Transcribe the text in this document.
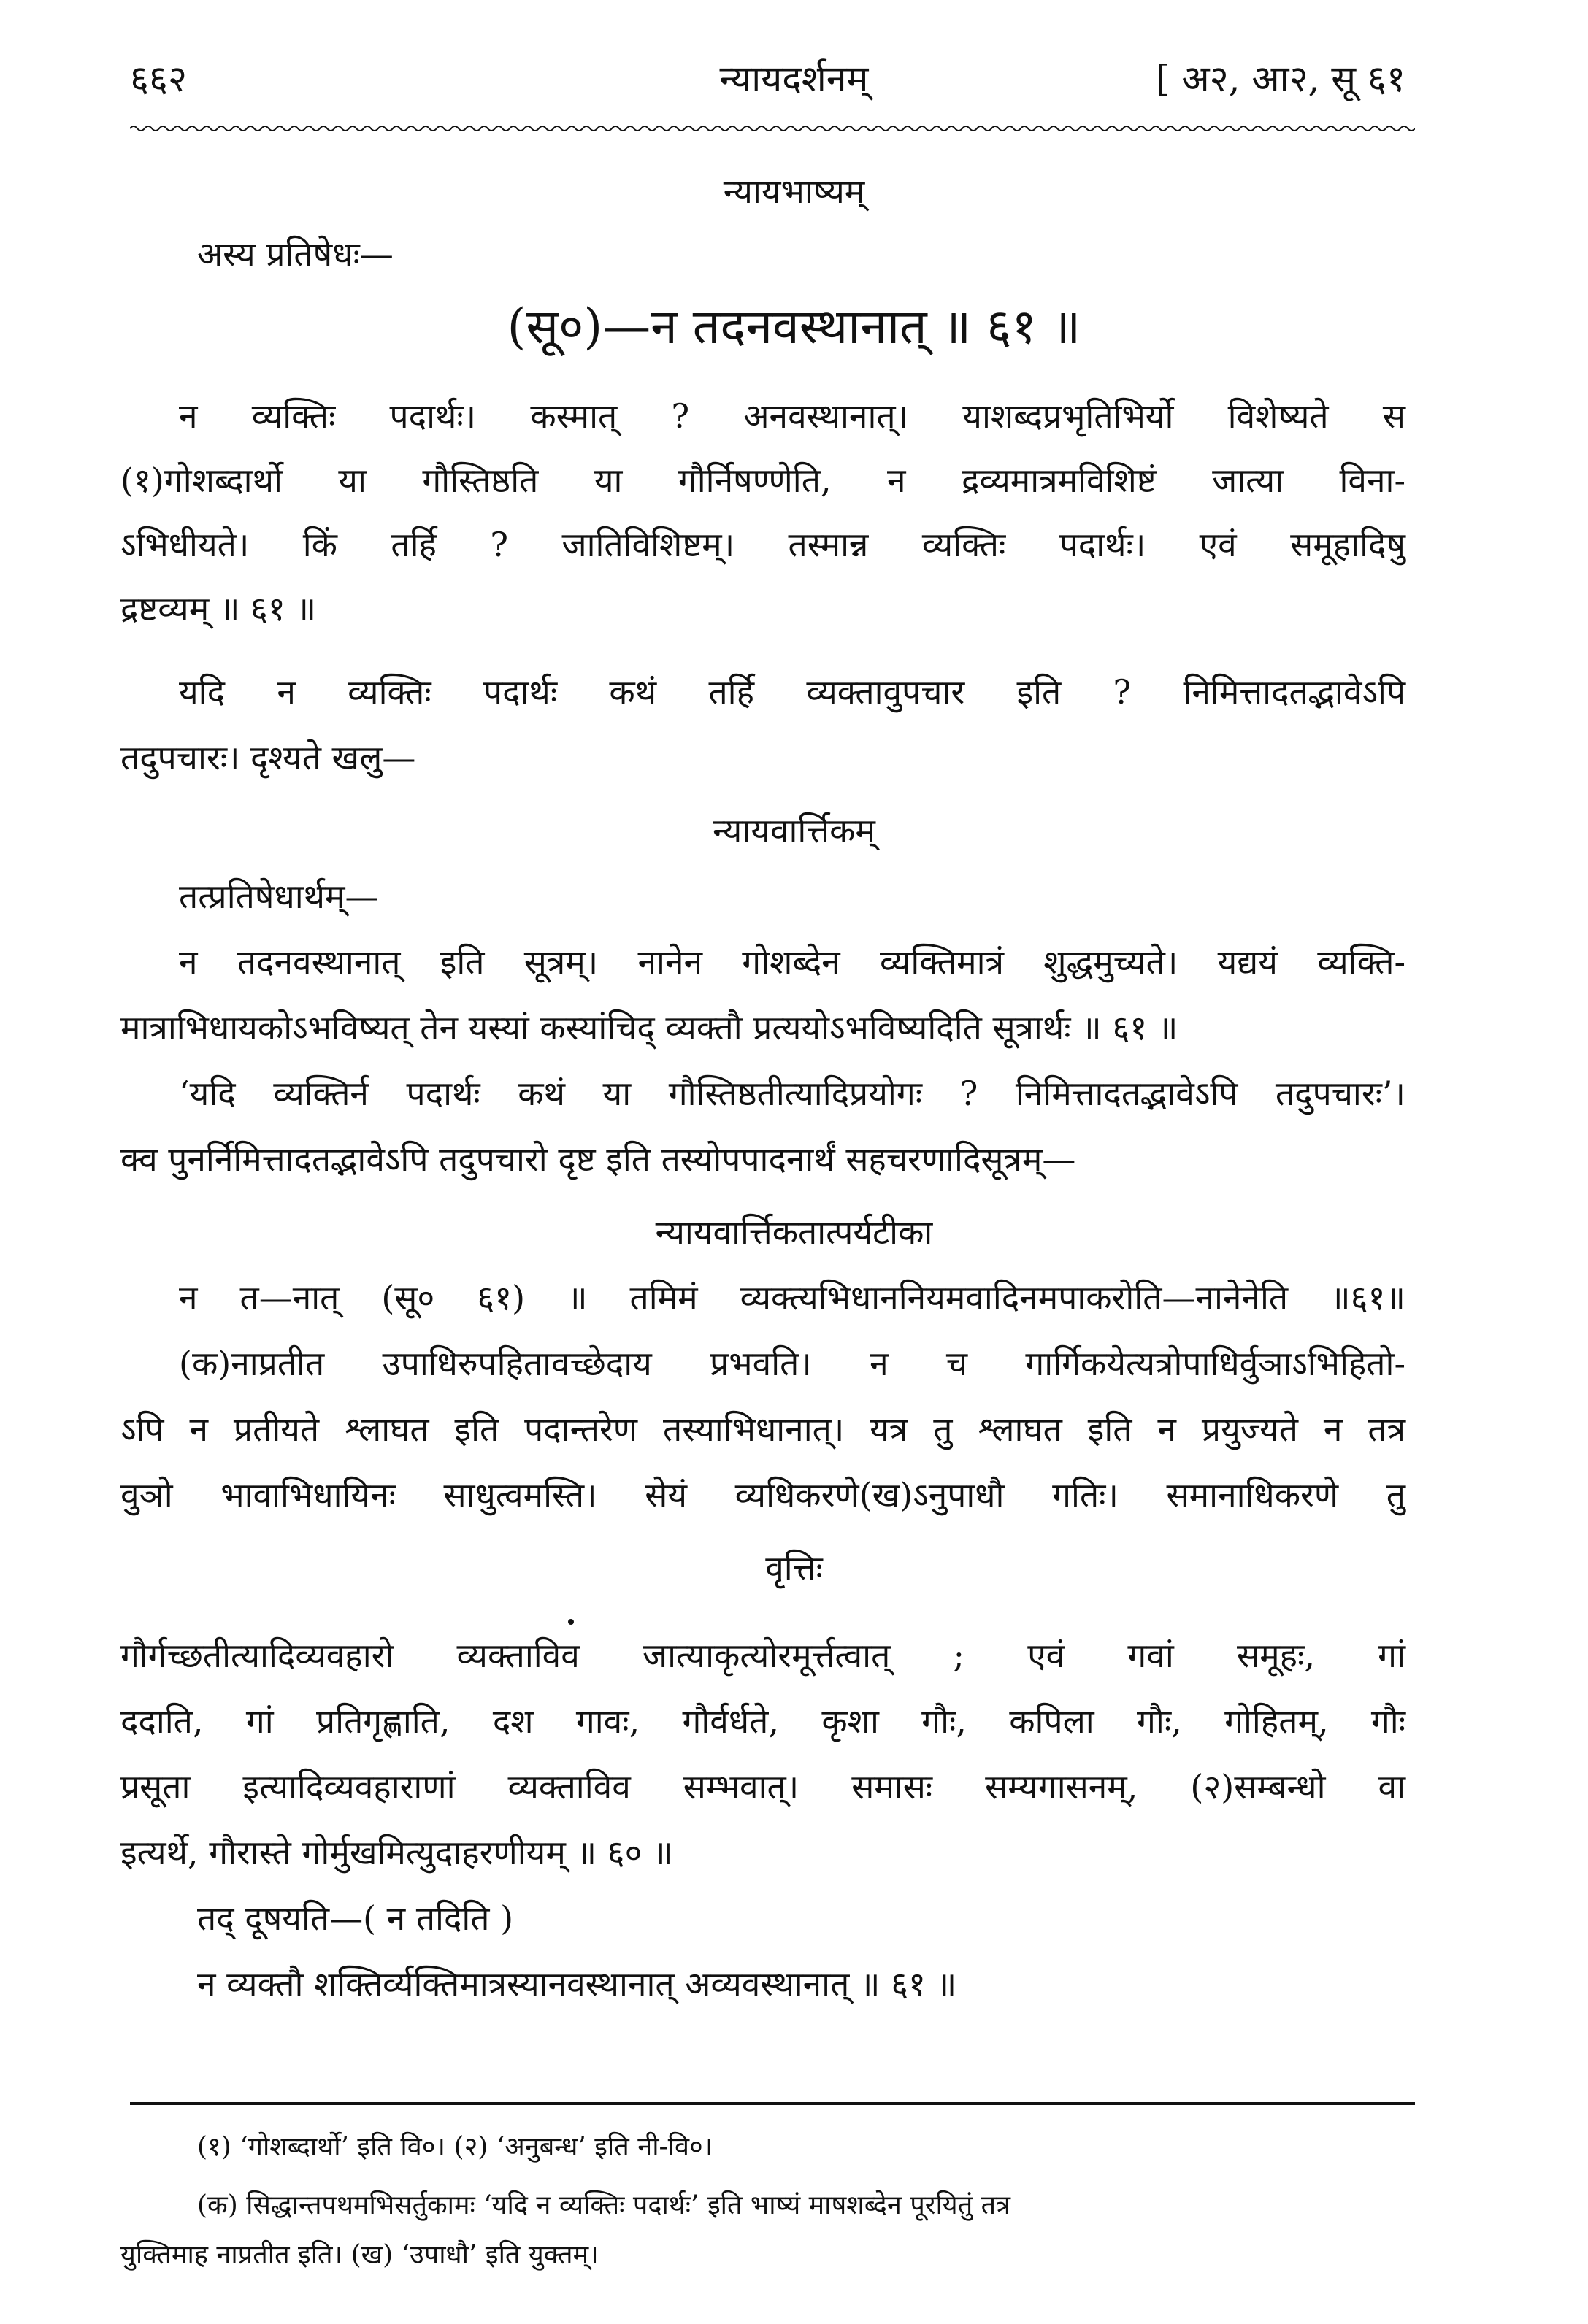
६६२	न्यायदर्शनम्	[ अ२, आ२, सू ६१
न्यायभाष्यम्
अस्य प्रतिषेधः—
(सू०)—न तदनवस्थानात् ॥ ६१ ॥
न व्यक्तिः पदार्थः। कस्मात् ? अनवस्थानात्। याशब्दप्रभृतिभिर्यो विशेष्यते स
(१)गोशब्दार्थो या गौस्तिष्ठति या गौर्निषण्णेति, न द्रव्यमात्रमविशिष्टं जात्या विना-
ऽभिधीयते। किं तर्हि ? जातिविशिष्टम्। तस्मान्न व्यक्तिः पदार्थः। एवं समूहादिषु
द्रष्टव्यम् ॥ ६१ ॥
यदि न व्यक्तिः पदार्थः कथं तर्हि व्यक्तावुपचार इति ? निमित्तादतद्भावेऽपि
तदुपचारः। दृश्यते खलु—
न्यायवार्त्तिकम्
तत्प्रतिषेधार्थम्—
न तदनवस्थानात् इति सूत्रम्। नानेन गोशब्देन व्यक्तिमात्रं शुद्धमुच्यते। यद्ययं व्यक्ति-
मात्राभिधायकोऽभविष्यत् तेन यस्यां कस्यांचिद् व्यक्तौ प्रत्ययोऽभविष्यदिति सूत्रार्थः ॥ ६१ ॥
‘यदि व्यक्तिर्न पदार्थः कथं या गौस्तिष्ठतीत्यादिप्रयोगः ? निमित्तादतद्भावेऽपि तदुपचारः’।
क्व पुनर्निमित्तादतद्भावेऽपि तदुपचारो दृष्ट इति तस्योपपादनार्थं सहचरणादिसूत्रम्—
न्यायवार्त्तिकतात्पर्यटीका
न त—नात् (सू० ६१) ॥ तमिमं व्यक्त्यभिधाननियमवादिनमपाकरोति—नानेनेति ॥६१॥
(क)नाप्रतीत उपाधिरुपहितावच्छेदाय प्रभवति। न च गार्गिकयेत्यत्रोपाधिर्वुञाऽभिहितो-
ऽपि न प्रतीयते श्लाघत इति पदान्तरेण तस्याभिधानात्। यत्र तु श्लाघत इति न प्रयुज्यते न तत्र
वुञो भावाभिधायिनः साधुत्वमस्ति। सेयं व्यधिकरणे(ख)ऽनुपाधौ गतिः। समानाधिकरणे तु
वृत्तिः
गौर्गच्छतीत्यादिव्यवहारो व्यक्ताविव जात्याकृत्योरमूर्त्तत्वात् ; एवं गवां समूहः, गां
ददाति, गां प्रतिगृह्णाति, दश गावः, गौर्वर्धते, कृशा गौः, कपिला गौः, गोहितम्, गौः
प्रसूता इत्यादिव्यवहाराणां व्यक्ताविव सम्भवात्। समासः सम्यगासनम्, (२)सम्बन्धो वा
इत्यर्थे, गौरास्ते गोर्मुखमित्युदाहरणीयम् ॥ ६० ॥
तद् दूषयति—( न तदिति )
न व्यक्तौ शक्तिर्व्यक्तिमात्रस्यानवस्थानात् अव्यवस्थानात् ॥ ६१ ॥
(१) ‘गोशब्दार्थो’ इति वि०। (२) ‘अनुबन्ध’ इति नी-वि०।
(क) सिद्धान्तपथमभिसर्तुकामः ‘यदि न व्यक्तिः पदार्थः’ इति भाष्यं माषशब्देन पूरयितुं तत्र
युक्तिमाह नाप्रतीत इति। (ख) ‘उपाधौ’ इति युक्तम्।
